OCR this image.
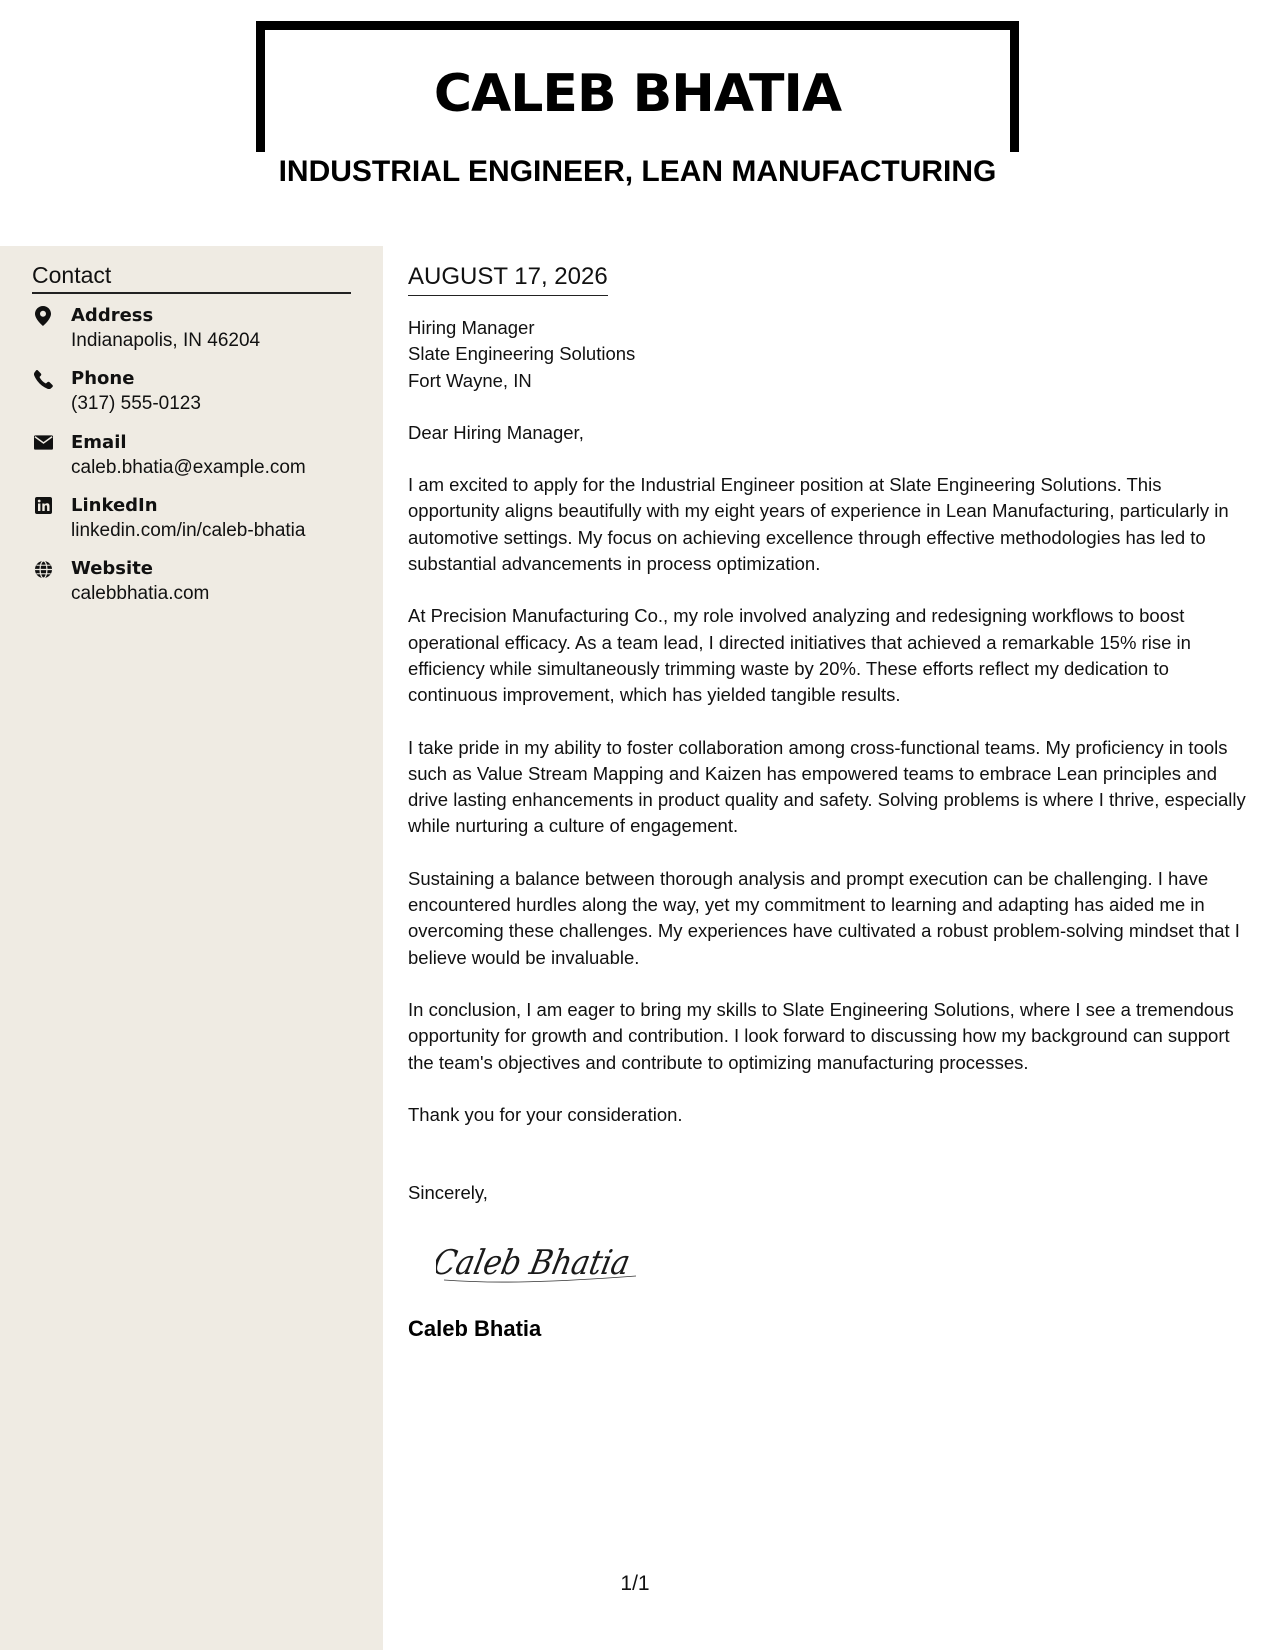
CALEB BHATIA
INDUSTRIAL ENGINEER, LEAN MANUFACTURING
Contact
Address
Indianapolis, IN 46204
Phone
(317) 555-0123
Email
caleb.bhatia@example.com
LinkedIn
linkedin.com/in/caleb-bhatia
Website
calebbhatia.com
AUGUST 17, 2026
Hiring Manager
Slate Engineering Solutions
Fort Wayne, IN

Dear Hiring Manager,

I am excited to apply for the Industrial Engineer position at Slate Engineering Solutions. This opportunity aligns beautifully with my eight years of experience in Lean Manufacturing, particularly in automotive settings. My focus on achieving excellence through effective methodologies has led to substantial advancements in process optimization.

At Precision Manufacturing Co., my role involved analyzing and redesigning workflows to boost operational efficacy. As a team lead, I directed initiatives that achieved a remarkable 15% rise in efficiency while simultaneously trimming waste by 20%. These efforts reflect my dedication to continuous improvement, which has yielded tangible results.

I take pride in my ability to foster collaboration among cross-functional teams. My proficiency in tools such as Value Stream Mapping and Kaizen has empowered teams to embrace Lean principles and drive lasting enhancements in product quality and safety. Solving problems is where I thrive, especially while nurturing a culture of engagement.

Sustaining a balance between thorough analysis and prompt execution can be challenging. I have encountered hurdles along the way, yet my commitment to learning and adapting has aided me in overcoming these challenges. My experiences have cultivated a robust problem-solving mindset that I believe would be invaluable.

In conclusion, I am eager to bring my skills to Slate Engineering Solutions, where I see a tremendous opportunity for growth and contribution. I look forward to discussing how my background can support the team's objectives and contribute to optimizing manufacturing processes.

Thank you for your consideration.

Sincerely,

Caleb Bhatia

Caleb Bhatia

1/1
